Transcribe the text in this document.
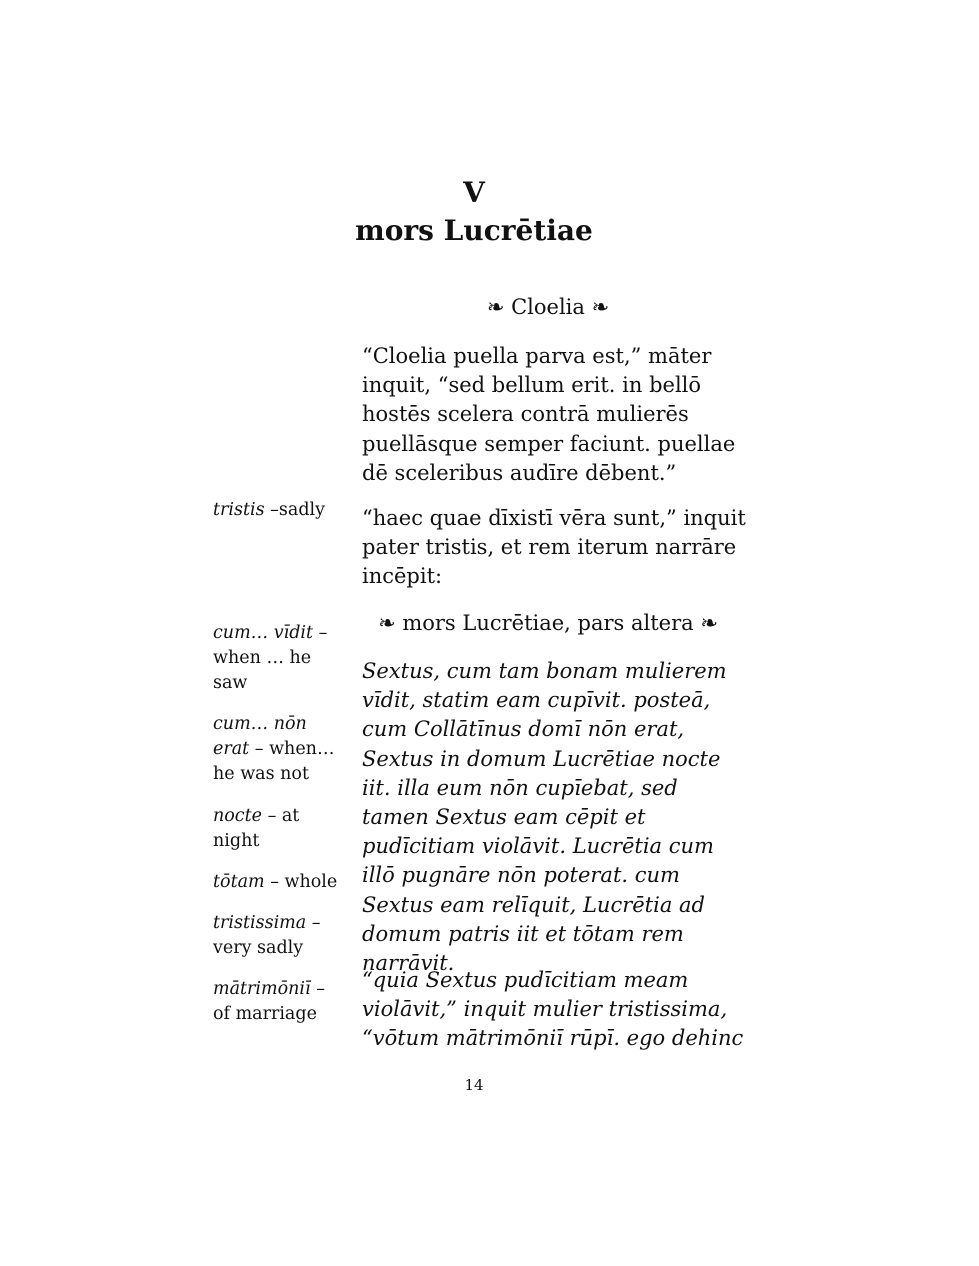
V
mors Lucrētiae
❧ Cloelia ❧

“Cloelia puella parva est,” māter inquit, “sed bellum erit. in bellō hostēs scelera contrā mulierēs puellāsque semper faciunt. puellae dē sceleribus audīre dēbent.”

“haec quae dīxistī vēra sunt,” inquit pater tristis, et rem iterum narrāre incēpit:

❧ mors Lucrētiae, pars altera ❧

Sextus, cum tam bonam mulierem vīdit, statim eam cupīvit. posteā, cum Collātīnus domī nōn erat, Sextus in domum Lucrētiae nocte iit. illa eum nōn cupīebat, sed tamen Sextus eam cēpit et pudīcitiam violāvit. Lucrētia cum illō pugnāre nōn poterat. cum Sextus eam relīquit, Lucrētia ad domum patris iit et tōtam rem narrāvit.

“quia Sextus pudīcitiam meam violāvit,” inquit mulier tristissima, “vōtum mātrimōniī rūpī. ego dehinc

tristis –sadly
cum… vīdit – when … he saw
cum… nōn erat – when… he was not
nocte – at night
tōtam – whole
tristissima – very sadly
mātrimōniī – of marriage
14
